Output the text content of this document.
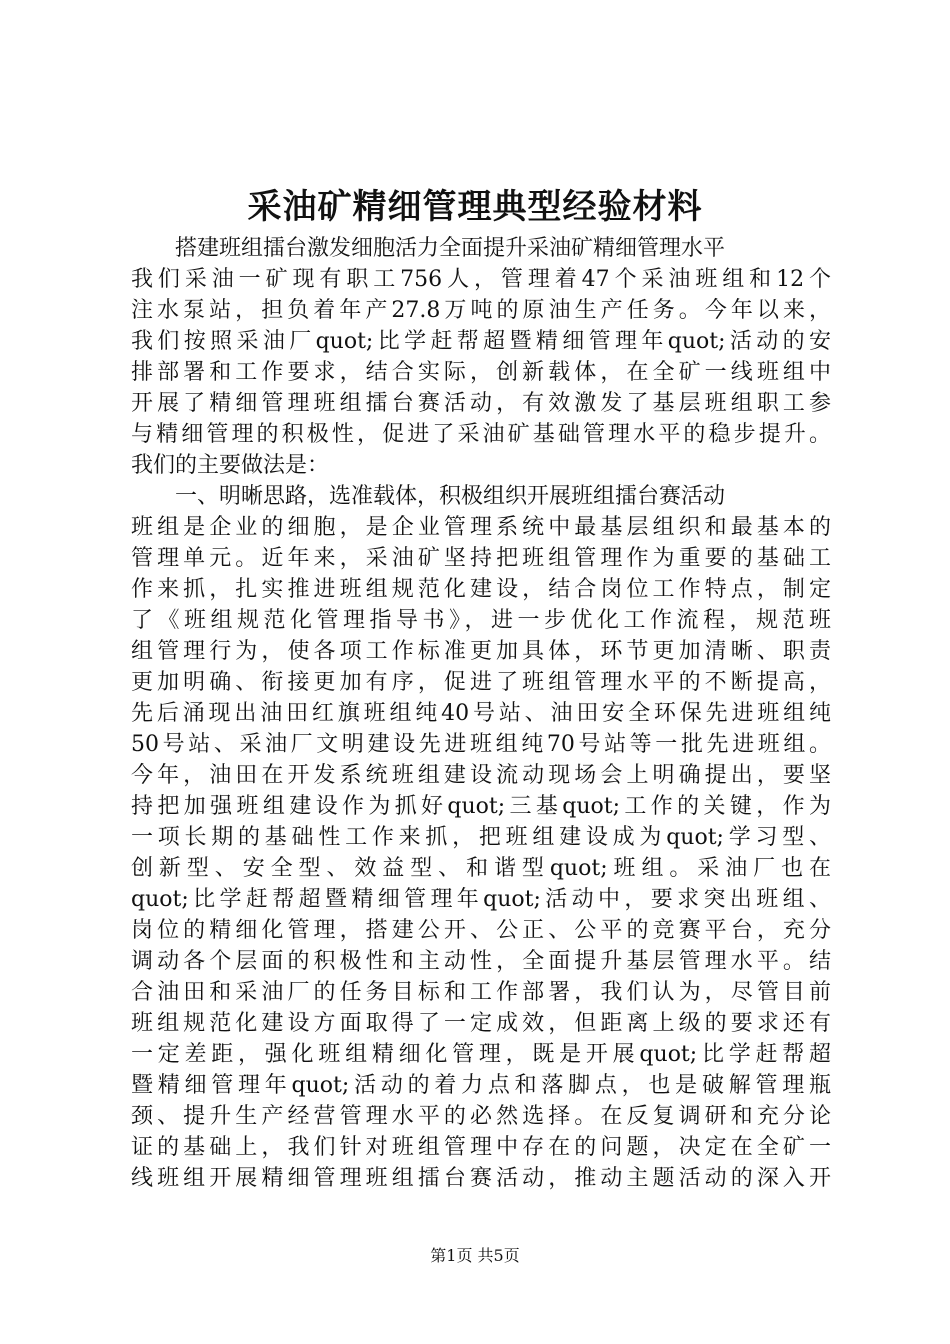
采油矿精细管理典型经验材料
搭建班组擂台激发细胞活力全面提升采油矿精细管理水平
我们采油一矿现有职工756人，管理着47个采油班组和12个
注水泵站，担负着年产27.8万吨的原油生产任务。今年以来，
我们按照采油厂quot;比学赶帮超暨精细管理年quot;活动的安
排部署和工作要求，结合实际，创新载体，在全矿一线班组中
开展了精细管理班组擂台赛活动，有效激发了基层班组职工参
与精细管理的积极性，促进了采油矿基础管理水平的稳步提升。
我们的主要做法是：
一、明晰思路，选准载体，积极组织开展班组擂台赛活动
班组是企业的细胞，是企业管理系统中最基层组织和最基本的
管理单元。近年来，采油矿坚持把班组管理作为重要的基础工
作来抓，扎实推进班组规范化建设，结合岗位工作特点，制定
了《班组规范化管理指导书》，进一步优化工作流程，规范班
组管理行为，使各项工作标准更加具体，环节更加清晰、职责
更加明确、衔接更加有序，促进了班组管理水平的不断提高，
先后涌现出油田红旗班组纯40号站、油田安全环保先进班组纯
50号站、采油厂文明建设先进班组纯70号站等一批先进班组。
今年，油田在开发系统班组建设流动现场会上明确提出，要坚
持把加强班组建设作为抓好quot;三基quot;工作的关键，作为
一项长期的基础性工作来抓，把班组建设成为quot;学习型、
创新型、安全型、效益型、和谐型quot;班组。采油厂也在
quot;比学赶帮超暨精细管理年quot;活动中，要求突出班组、
岗位的精细化管理，搭建公开、公正、公平的竞赛平台，充分
调动各个层面的积极性和主动性，全面提升基层管理水平。结
合油田和采油厂的任务目标和工作部署，我们认为，尽管目前
班组规范化建设方面取得了一定成效，但距离上级的要求还有
一定差距，强化班组精细化管理，既是开展quot;比学赶帮超
暨精细管理年quot;活动的着力点和落脚点，也是破解管理瓶
颈、提升生产经营管理水平的必然选择。在反复调研和充分论
证的基础上，我们针对班组管理中存在的问题，决定在全矿一
线班组开展精细管理班组擂台赛活动，推动主题活动的深入开
第1页 共5页
